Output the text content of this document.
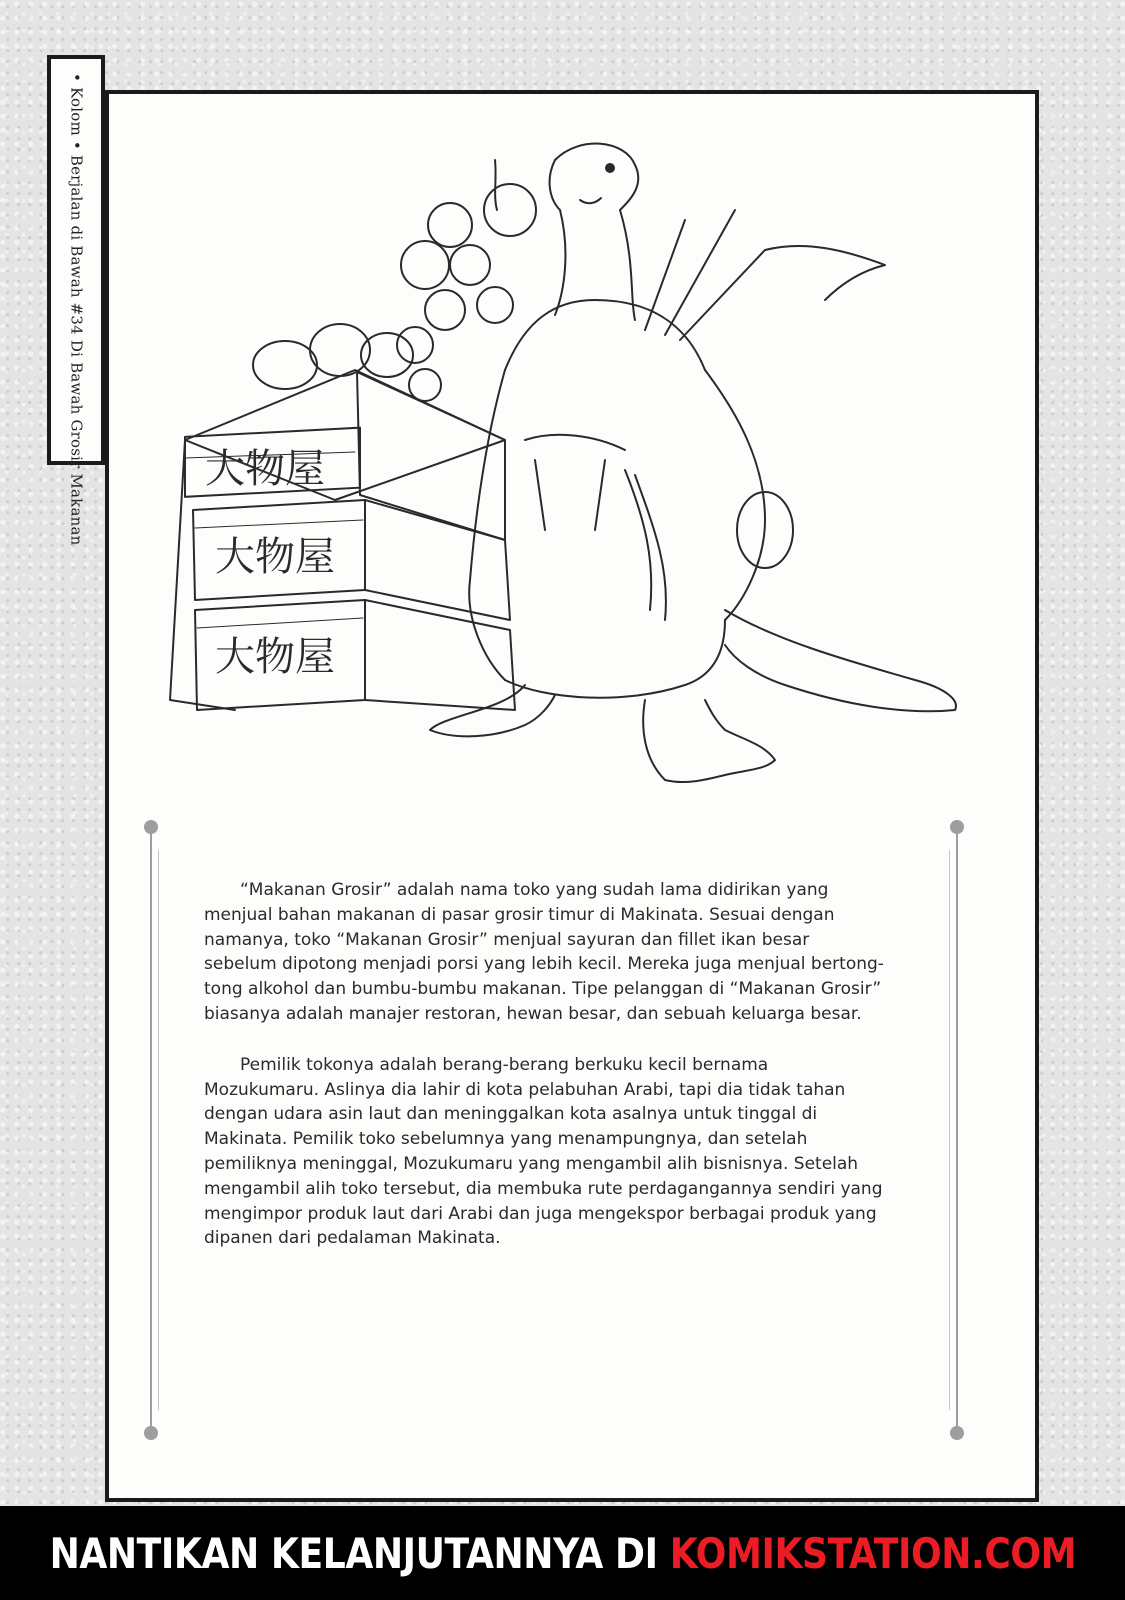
• Kolom • Berjalan di Bawah #34 Di Bawah Grosir Makanan	大物屋
大物屋
大物屋

“Makanan Grosir” adalah nama toko yang sudah lama didirikan yang menjual bahan makanan di pasar grosir timur di Makinata. Sesuai dengan namanya, toko “Makanan Grosir” menjual sayuran dan fillet ikan besar sebelum dipotong menjadi porsi yang lebih kecil. Mereka juga menjual bertong-tong alkohol dan bumbu-bumbu makanan. Tipe pelanggan di “Makanan Grosir” biasanya adalah manajer restoran, hewan besar, dan sebuah keluarga besar.

Pemilik tokonya adalah berang-berang berkuku kecil bernama Mozukumaru. Aslinya dia lahir di kota pelabuhan Arabi, tapi dia tidak tahan dengan udara asin laut dan meninggalkan kota asalnya untuk tinggal di Makinata. Pemilik toko sebelumnya yang menampungnya, dan setelah pemiliknya meninggal, Mozukumaru yang mengambil alih bisnisnya. Setelah mengambil alih toko tersebut, dia membuka rute perdagangannya sendiri yang mengimpor produk laut dari Arabi dan juga mengekspor berbagai produk yang dipanen dari pedalaman Makinata.

NANTIKAN KELANJUTANNYA DI KOMIKSTATION.COM
